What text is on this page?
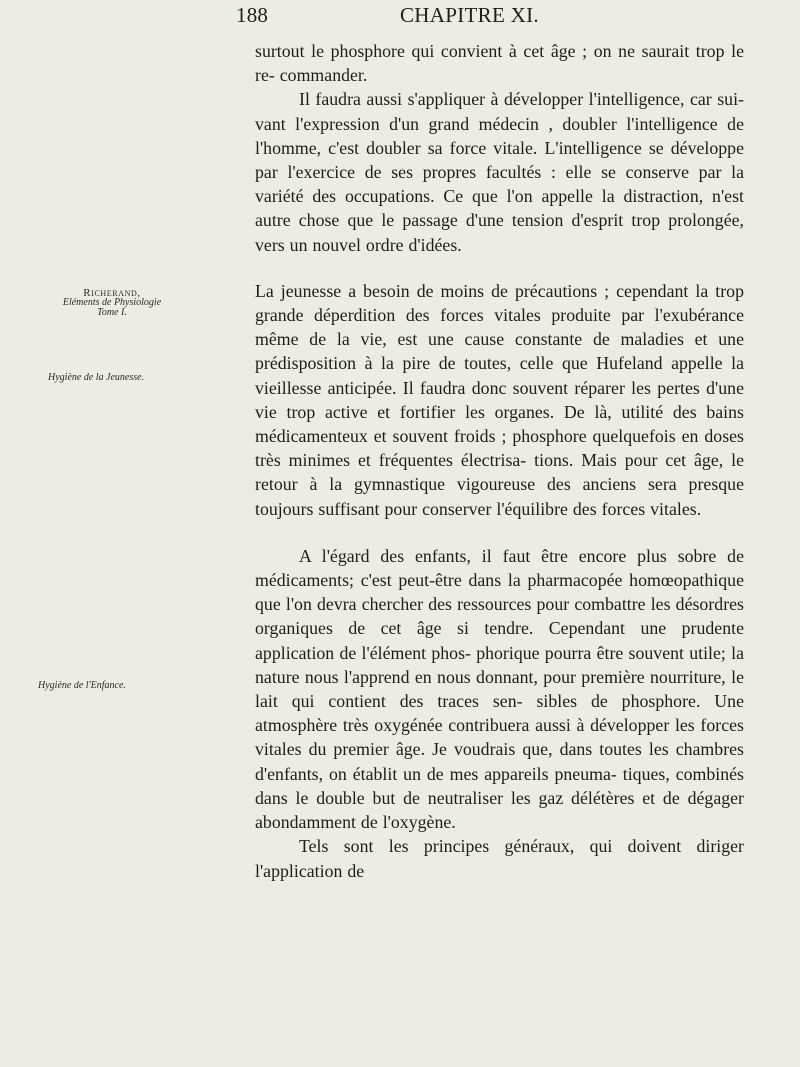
188	CHAPITRE XI.
Richerand,
Eléments de Physiologie
Tome I.
Hygiène de la Jeunesse.
Hygiène de l'Enfance.

surtout le phosphore qui convient à cet âge ; on ne saurait trop le re- commander.

Il faudra aussi s'appliquer à développer l'intelligence, car sui- vant l'expression d'un grand médecin , doubler l'intelligence de l'homme, c'est doubler sa force vitale. L'intelligence se développe par l'exercice de ses propres facultés : elle se conserve par la variété des occupations. Ce que l'on appelle la distraction, n'est autre chose que le passage d'une tension d'esprit trop prolongée, vers un nouvel ordre d'idées.

La jeunesse a besoin de moins de précautions ; cependant la trop grande déperdition des forces vitales produite par l'exubérance même de la vie, est une cause constante de maladies et une prédisposition à la pire de toutes, celle que Hufeland appelle la vieillesse anticipée. Il faudra donc souvent réparer les pertes d'une vie trop active et fortifier les organes. De là, utilité des bains médicamenteux et souvent froids ; phosphore quelquefois en doses très minimes et fréquentes électrisa- tions. Mais pour cet âge, le retour à la gymnastique vigoureuse des anciens sera presque toujours suffisant pour conserver l'équilibre des forces vitales.

A l'égard des enfants, il faut être encore plus sobre de médicaments; c'est peut-être dans la pharmacopée homœopathique que l'on devra chercher des ressources pour combattre les désordres organiques de cet âge si tendre. Cependant une prudente application de l'élément phos- phorique pourra être souvent utile; la nature nous l'apprend en nous donnant, pour première nourriture, le lait qui contient des traces sen- sibles de phosphore. Une atmosphère très oxygénée contribuera aussi à développer les forces vitales du premier âge. Je voudrais que, dans toutes les chambres d'enfants, on établit un de mes appareils pneuma- tiques, combinés dans le double but de neutraliser les gaz délétères et de dégager abondamment de l'oxygène.

Tels sont les principes généraux, qui doivent diriger l'application de
